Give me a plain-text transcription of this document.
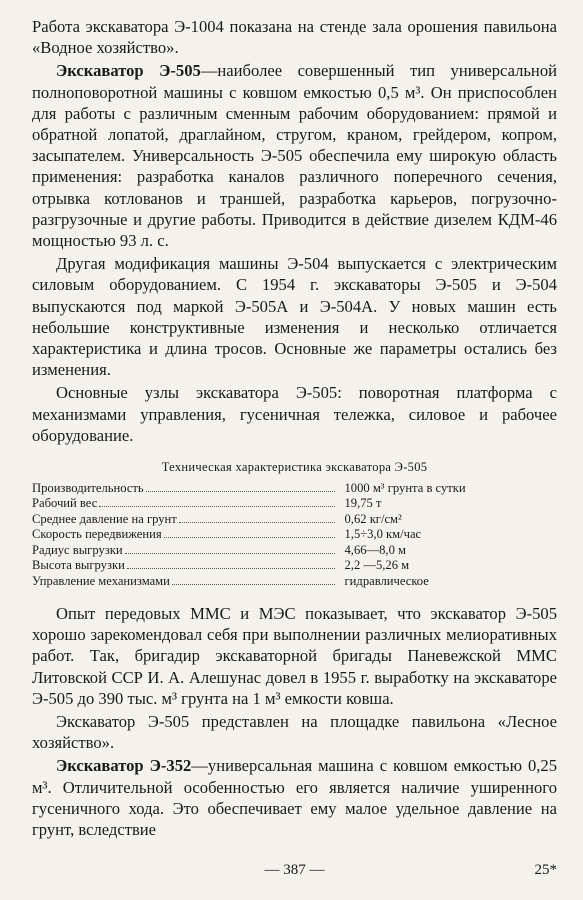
Работа экскаватора Э-1004 показана на стенде зала орошения павильона «Водное хозяйство».

Экскаватор Э-505—наиболее совершенный тип универсальной полноповоротной машины с ковшом емкостью 0,5 м³. Он приспособлен для работы с различным сменным рабочим оборудованием: прямой и обратной лопатой, драглайном, стругом, краном, грейдером, копром, засыпателем. Универсальность Э-505 обеспечила ему широкую область применения: разработка каналов различного поперечного сечения, отрывка котлованов и траншей, разработка карьеров, погрузочно-разгрузочные и другие работы. Приводится в действие дизелем КДМ-46 мощностью 93 л. с.

Другая модификация машины Э-504 выпускается с электрическим силовым оборудованием. С 1954 г. экскаваторы Э-505 и Э-504 выпускаются под маркой Э-505А и Э-504А. У новых машин есть небольшие конструктивные изменения и несколько отличается характеристика и длина тросов. Основные же параметры остались без изменения.

Основные узлы экскаватора Э-505: поворотная платформа с механизмами управления, гусеничная тележка, силовое и рабочее оборудование.

Техническая характеристика экскаватора Э-505
Производительность	1000 м³ грунта в сутки
Рабочий вес	19,75 т
Среднее давление на грунт	0,62 кг/см²
Скорость передвижения	1,5÷3,0 км/час
Радиус выгрузки	4,66—8,0 м
Высота выгрузки	2,2 —5,26 м
Управление механизмами	гидравлическое

Опыт передовых ММС и МЭС показывает, что экскаватор Э-505 хорошо зарекомендовал себя при выполнении различных мелиоративных работ. Так, бригадир экскаваторной бригады Паневежской ММС Литовской ССР И. А. Алешунас довел в 1955 г. выработку на экскаваторе Э-505 до 390 тыс. м³ грунта на 1 м³ емкости ковша.

Экскаватор Э-505 представлен на площадке павильона «Лесное хозяйство».

Экскаватор Э-352—универсальная машина с ковшом емкостью 0,25 м³. Отличительной особенностью его является наличие уширенного гусеничного хода. Это обеспечивает ему малое удельное давление на грунт, вследствие

— 387 —	25*
